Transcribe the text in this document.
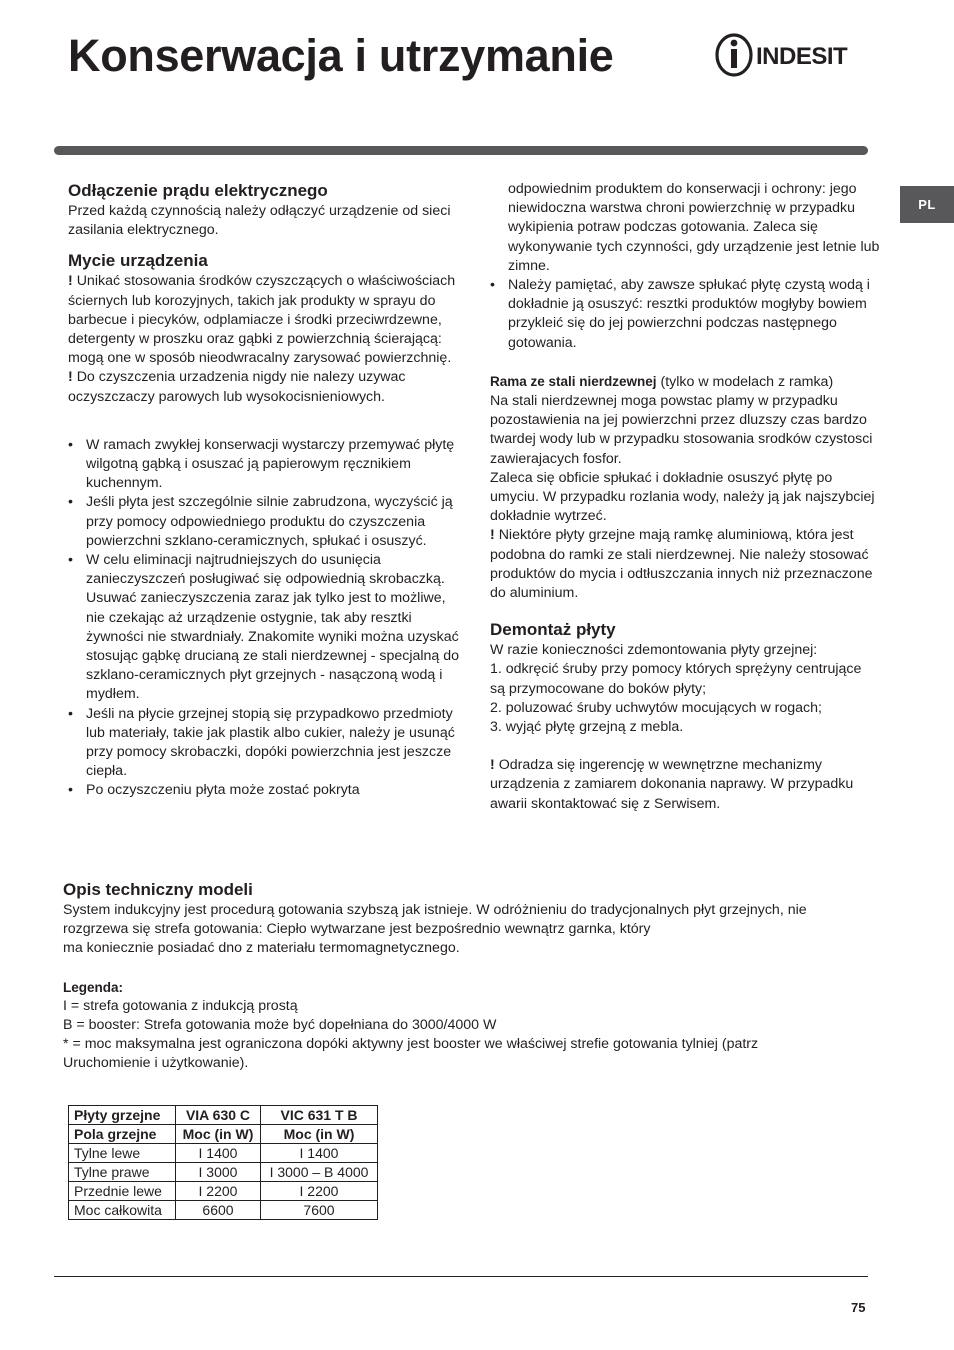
Konserwacja i utrzymanie	INDESIT
PL
Odłączenie prądu elektrycznego

Przed każdą czynnością należy odłączyć urządzenie od sieci zasilania elektrycznego.

Mycie urządzenia

! Unikać stosowania środków czyszczących o właściwościach ściernych lub korozyjnych, takich jak produkty w sprayu do barbecue i piecyków, odplamiacze i środki przeciwrdzewne, detergenty w proszku oraz gąbki z powierzchnią ścierającą: mogą one w sposób nieodwracalny zarysować powierzchnię.

! Do czyszczenia urzadzenia nigdy nie nalezy uzywac oczyszczaczy parowych lub wysokocisnieniowych.

• W ramach zwykłej konserwacji wystarczy przemywać płytę wilgotną gąbką i osuszać ją papierowym ręcznikiem kuchennym.
• Jeśli płyta jest szczególnie silnie zabrudzona, wyczyścić ją przy pomocy odpowiedniego produktu do czyszczenia powierzchni szklano-ceramicznych, spłukać i osuszyć.
• W celu eliminacji najtrudniejszych do usunięcia zanieczyszczeń posługiwać się odpowiednią skrobaczką. Usuwać zanieczyszczenia zaraz jak tylko jest to możliwe, nie czekając aż urządzenie ostygnie, tak aby resztki żywności nie stwardniały. Znakomite wyniki można uzyskać stosując gąbkę drucianą ze stali nierdzewnej - specjalną do szklano-ceramicznych płyt grzejnych - nasączoną wodą i mydłem.
• Jeśli na płycie grzejnej stopią się przypadkowo przedmioty lub materiały, takie jak plastik albo cukier, należy je usunąć przy pomocy skrobaczki, dopóki powierzchnia jest jeszcze ciepła.
• Po oczyszczeniu płyta może zostać pokryta

odpowiednim produktem do konserwacji i ochrony: jego niewidoczna warstwa chroni powierzchnię w przypadku wykipienia potraw podczas gotowania. Zaleca się wykonywanie tych czynności, gdy urządzenie jest letnie lub zimne.

• Należy pamiętać, aby zawsze spłukać płytę czystą wodą i dokładnie ją osuszyć: resztki produktów mogłyby bowiem przykleić się do jej powierzchni podczas następnego gotowania.

Rama ze stali nierdzewnej (tylko w modelach z ramka)

Na stali nierdzewnej moga powstac plamy w przypadku pozostawienia na jej powierzchni przez dluzszy czas bardzo twardej wody lub w przypadku stosowania srodków czystosci zawierajacych fosfor.

Zaleca się obficie spłukać i dokładnie osuszyć płytę po umyciu. W przypadku rozlania wody, należy ją jak najszybciej dokładnie wytrzeć.

! Niektóre płyty grzejne mają ramkę aluminiową, która jest podobna do ramki ze stali nierdzewnej. Nie należy stosować produktów do mycia i odtłuszczania innych niż przeznaczone do aluminium.

Demontaż płyty

W razie konieczności zdemontowania płyty grzejnej:

1. odkręcić śruby przy pomocy których sprężyny centrujące są przymocowane do boków płyty;

2. poluzować śruby uchwytów mocujących w rogach;

3. wyjąć płytę grzejną z mebla.

! Odradza się ingerencję w wewnętrzne mechanizmy urządzenia z zamiarem dokonania naprawy. W przypadku awarii skontaktować się z Serwisem.

Opis techniczny modeli

System indukcyjny jest procedurą gotowania szybszą jak istnieje. W odróżnieniu do tradycjonalnych płyt grzejnych, nie

rozgrzewa się strefa gotowania: Ciepło wytwarzane jest bezpośrednio wewnątrz garnka, który

ma koniecznie posiadać dno z materiału termomagnetycznego.

Legenda:

I = strefa gotowania z indukcją prostą

B = booster: Strefa gotowania może być dopełniana do 3000/4000 W

* = moc maksymalna jest ograniczona dopóki aktywny jest booster we właściwej strefie gotowania tylniej (patrz

Uruchomienie i użytkowanie).

Płyty grzejne	VIA 630 C	VIC 631 T B
Pola grzejne	Moc (in W)	Moc (in W)
Tylne lewe	I 1400	I 1400
Tylne prawe	I 3000	I 3000 – B 4000
Przednie lewe	I 2200	I 2200
Moc całkowita	6600	7600
75
